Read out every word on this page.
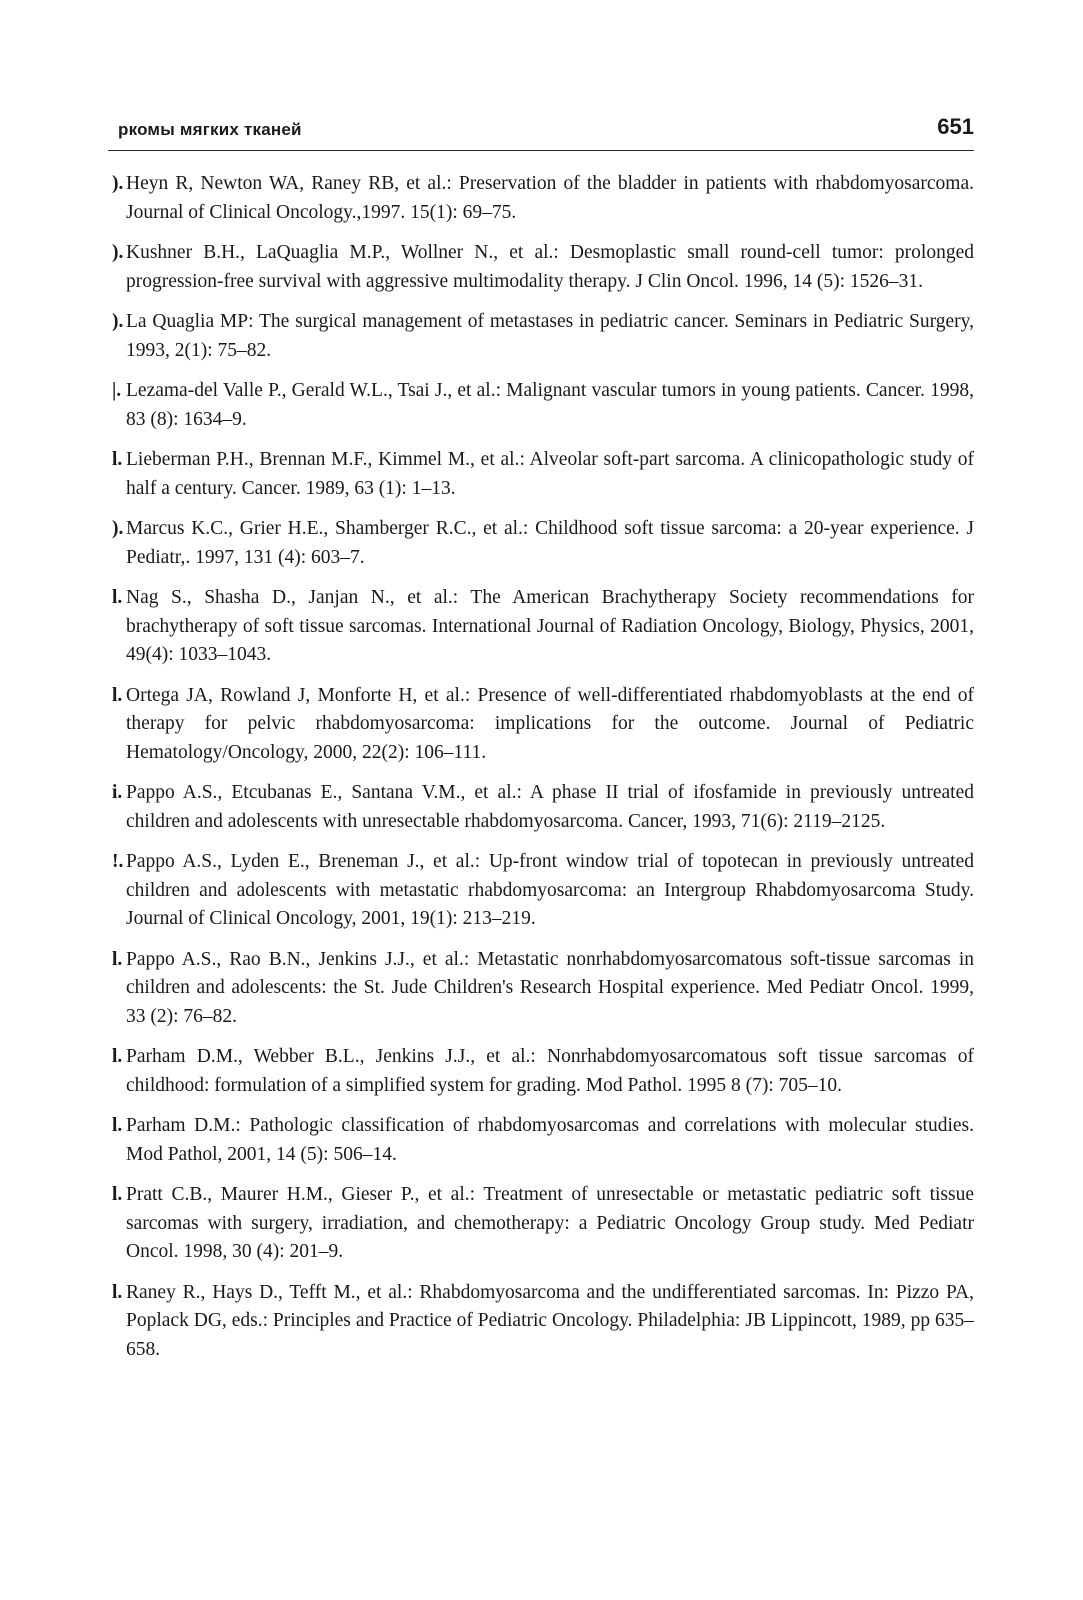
ркомы мягких тканей	651
). Heyn R, Newton WA, Raney RB, et al.: Preservation of the bladder in patients with rhabdomyosarcoma. Journal of Clinical Oncology.,1997. 15(1): 69–75.
). Kushner B.H., LaQuaglia M.P., Wollner N., et al.: Desmoplastic small round-cell tumor: prolonged progression-free survival with aggressive multimodality therapy. J Clin Oncol. 1996, 14 (5): 1526–31.
). La Quaglia MP: The surgical management of metastases in pediatric cancer. Seminars in Pediatric Surgery, 1993, 2(1): 75–82.
|. Lezama-del Valle P., Gerald W.L., Tsai J., et al.: Malignant vascular tumors in young patients. Cancer. 1998, 83 (8): 1634–9.
l. Lieberman P.H., Brennan M.F., Kimmel M., et al.: Alveolar soft-part sarcoma. A clinicopathologic study of half a century. Cancer. 1989, 63 (1): 1–13.
). Marcus K.C., Grier H.E., Shamberger R.C., et al.: Childhood soft tissue sarcoma: a 20-year experience. J Pediatr,. 1997, 131 (4): 603–7.
l. Nag S., Shasha D., Janjan N., et al.: The American Brachytherapy Society recommendations for brachytherapy of soft tissue sarcomas. International Journal of Radiation Oncology, Biology, Physics, 2001, 49(4): 1033–1043.
l. Ortega JA, Rowland J, Monforte H, et al.: Presence of well-differentiated rhabdomyoblasts at the end of therapy for pelvic rhabdomyosarcoma: implications for the outcome. Journal of Pediatric Hematology/Oncology, 2000, 22(2): 106–111.
i. Pappo A.S., Etcubanas E., Santana V.M., et al.: A phase II trial of ifosfamide in previously untreated children and adolescents with unresectable rhabdomyosarcoma. Cancer, 1993, 71(6): 2119–2125.
!. Pappo A.S., Lyden E., Breneman J., et al.: Up-front window trial of topotecan in previously untreated children and adolescents with metastatic rhabdomyosarcoma: an Intergroup Rhabdomyosarcoma Study. Journal of Clinical Oncology, 2001, 19(1): 213–219.
l. Pappo A.S., Rao B.N., Jenkins J.J., et al.: Metastatic nonrhabdomyosarcomatous soft-tissue sarcomas in children and adolescents: the St. Jude Children's Research Hospital experience. Med Pediatr Oncol. 1999, 33 (2): 76–82.
l. Parham D.M., Webber B.L., Jenkins J.J., et al.: Nonrhabdomyosarcomatous soft tissue sarcomas of childhood: formulation of a simplified system for grading. Mod Pathol. 1995 8 (7): 705–10.
l. Parham D.M.: Pathologic classification of rhabdomyosarcomas and correlations with molecular studies. Mod Pathol, 2001, 14 (5): 506–14.
l. Pratt C.B., Maurer H.M., Gieser P., et al.: Treatment of unresectable or metastatic pediatric soft tissue sarcomas with surgery, irradiation, and chemotherapy: a Pediatric Oncology Group study. Med Pediatr Oncol. 1998, 30 (4): 201–9.
l. Raney R., Hays D., Tefft M., et al.: Rhabdomyosarcoma and the undifferentiated sarcomas. In: Pizzo PA, Poplack DG, eds.: Principles and Practice of Pediatric Oncology. Philadelphia: JB Lippincott, 1989, pp 635–658.
